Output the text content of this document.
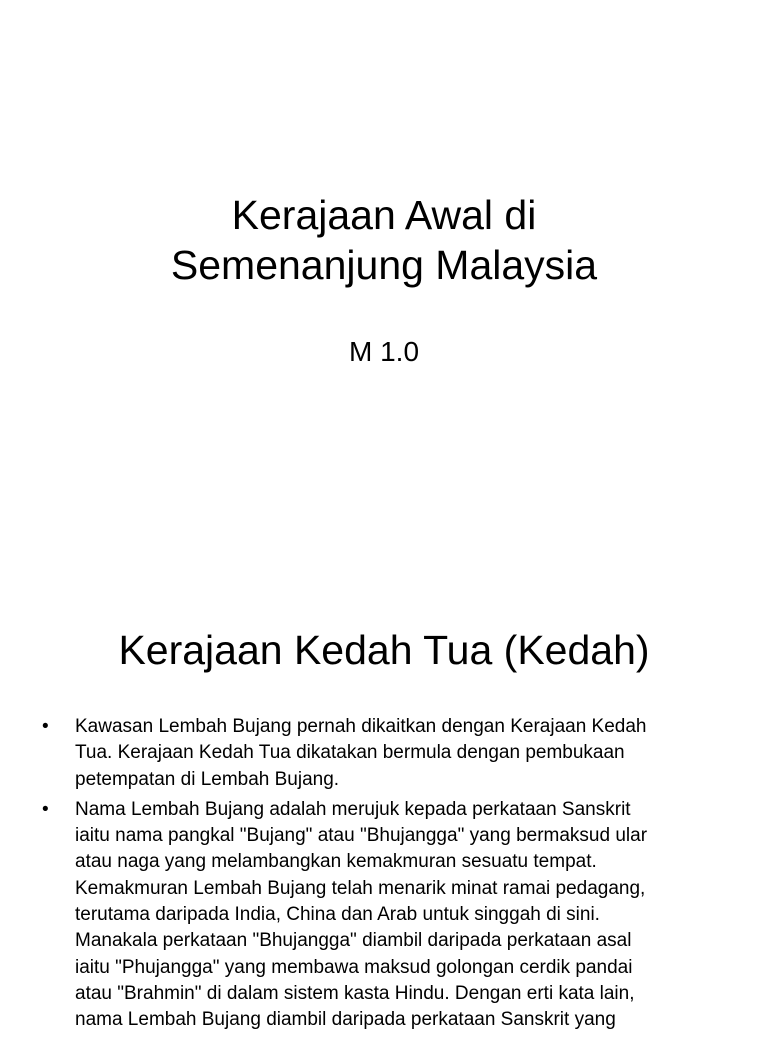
Kerajaan Awal di
Semenanjung Malaysia

M 1.0

Kerajaan Kedah Tua (Kedah)
•	Kawasan Lembah Bujang pernah dikaitkan dengan Kerajaan Kedah
Tua. Kerajaan Kedah Tua dikatakan bermula dengan pembukaan
petempatan di Lembah Bujang.
•	Nama Lembah Bujang adalah merujuk kepada perkataan Sanskrit
iaitu nama pangkal "Bujang" atau "Bhujangga" yang bermaksud ular
atau naga yang melambangkan kemakmuran sesuatu tempat.
Kemakmuran Lembah Bujang telah menarik minat ramai pedagang,
terutama daripada India, China dan Arab untuk singgah di sini.
Manakala perkataan "Bhujangga" diambil daripada perkataan asal
iaitu "Phujangga" yang membawa maksud golongan cerdik pandai
atau "Brahmin" di dalam sistem kasta Hindu. Dengan erti kata lain,
nama Lembah Bujang diambil daripada perkataan Sanskrit yang
